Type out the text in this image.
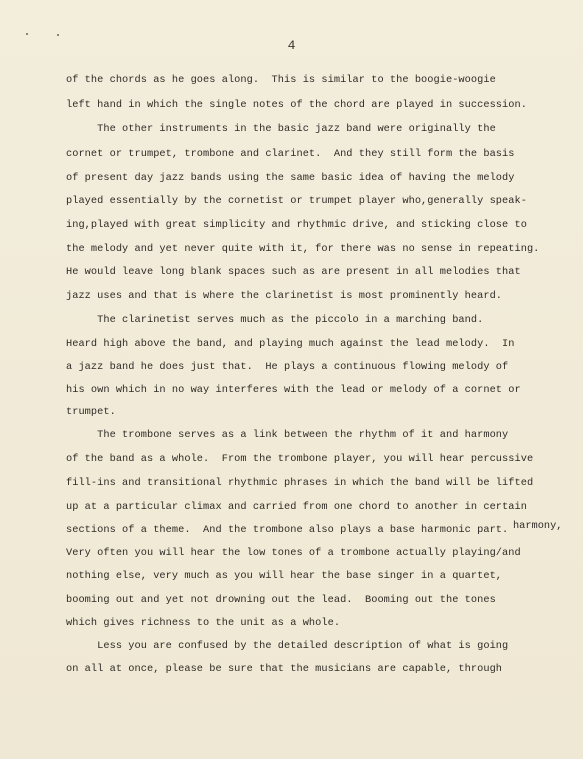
4
of the chords as he goes along.  This is similar to the boogie-woogie
left hand in which the single notes of the chord are played in succession.
The other instruments in the basic jazz band were originally the
cornet or trumpet, trombone and clarinet.  And they still form the basis
of present day jazz bands using the same basic idea of having the melody
played essentially by the cornetist or trumpet player who,generally speak-
ing,played with great simplicity and rhythmic drive, and sticking close to
the melody and yet never quite with it, for there was no sense in repeating.
He would leave long blank spaces such as are present in all melodies that
jazz uses and that is where the clarinetist is most prominently heard.
The clarinetist serves much as the piccolo in a marching band.
Heard high above the band, and playing much against the lead melody.  In
a jazz band he does just that.  He plays a continuous flowing melody of
his own which in no way interferes with the lead or melody of a cornet or
trumpet.
The trombone serves as a link between the rhythm of it and harmony
of the band as a whole.  From the trombone player, you will hear percussive
fill-ins and transitional rhythmic phrases in which the band will be lifted
up at a particular climax and carried from one chord to another in certain
sections of a theme.  And the trombone also plays a base harmonic part.
Very often you will hear the low tones of a trombone actually playing/and
nothing else, very much as you will hear the base singer in a quartet,
booming out and yet not drowning out the lead.  Booming out the tones
which gives richness to the unit as a whole.
Less you are confused by the detailed description of what is going
on all at once, please be sure that the musicians are capable, through
harmony,
